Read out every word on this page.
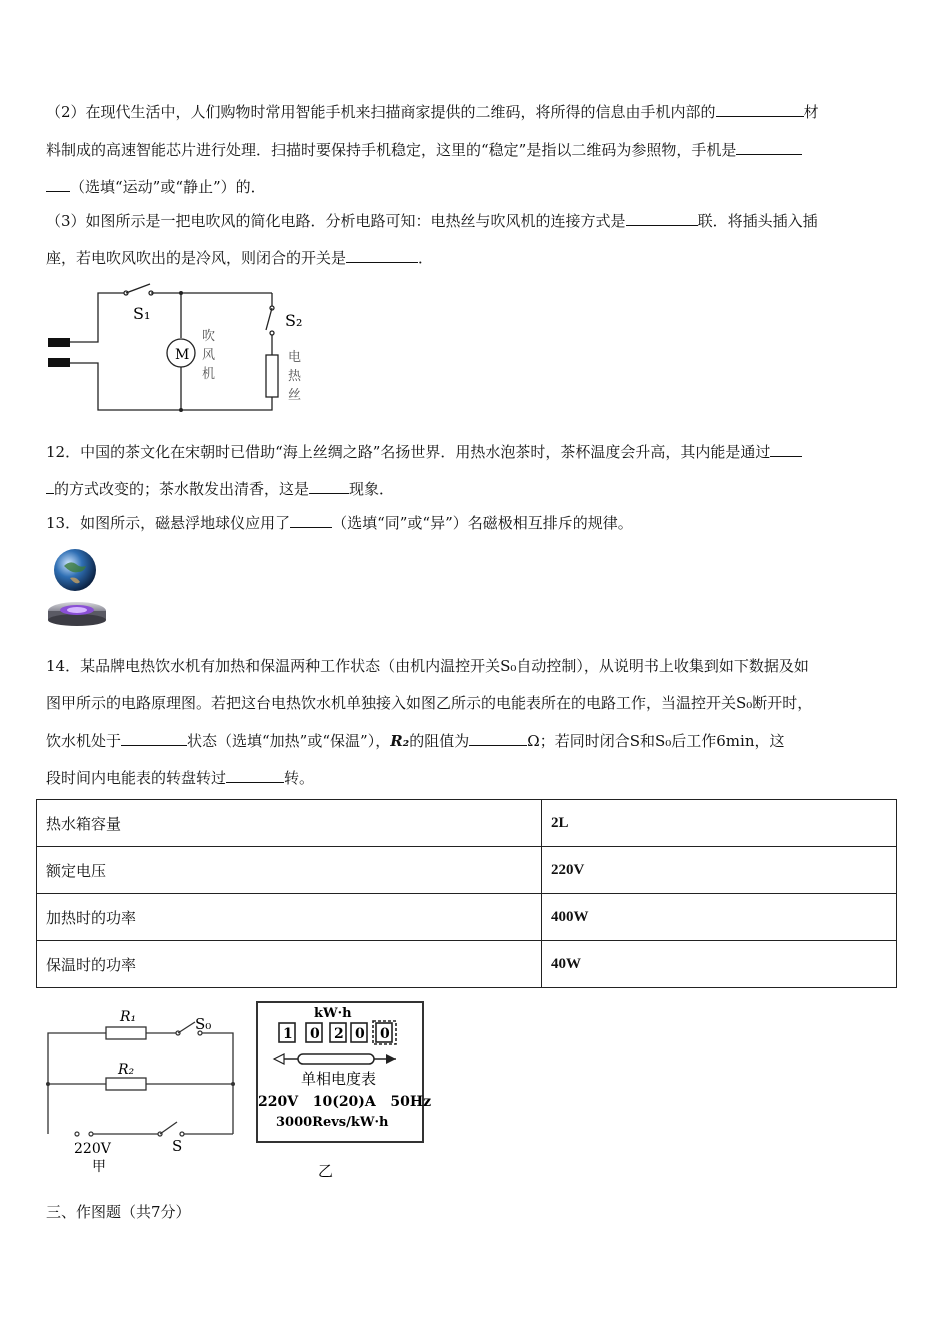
（2）在现代生活中，人们购物时常用智能手机来扫描商家提供的二维码，将所得的信息由手机内部的	材
料制成的高速智能芯片进行处理．扫描时要保持手机稳定，这里的“稳定”是指以二维码为参照物，手机是
（选填“运动”或“静止”）的．
（3）如图所示是一把电吹风的简化电路．分析电路可知：电热丝与吹风机的连接方式是	联．将插头插入插
座，若电吹风吹出的是冷风，则闭合的开关是	．
S₁	S₂
M
吹
风
机
电
热
丝
12．中国的茶文化在宋朝时已借助“海上丝绸之路”名扬世界．用热水泡茶时，茶杯温度会升高，其内能是通过
的方式改变的；茶水散发出清香，这是	现象．
13．如图所示，磁悬浮地球仪应用了	（选填“同”或“异”）名磁极相互排斥的规律。
14．某品牌电热饮水机有加热和保温两种工作状态（由机内温控开关S₀自动控制），从说明书上收集到如下数据及如
图甲所示的电路原理图。若把这台电热饮水机单独接入如图乙所示的电能表所在的电路工作，当温控开关S₀断开时，
饮水机处于	状态（选填“加热”或“保温”），R₂的阻值为	Ω；若同时闭合S和S₀后工作6min，这
段时间内电能表的转盘转过	转。
热水箱容量	2L
额定电压	220V
加热时的功率	400W
保温时的功率	40W
R₁	S₀
R₂
S
220V
甲
kW·h
1 0 2 0 0
单相电度表
220V   10(20)A   50Hz
3000Revs/kW·h
乙
三、作图题（共7分）
